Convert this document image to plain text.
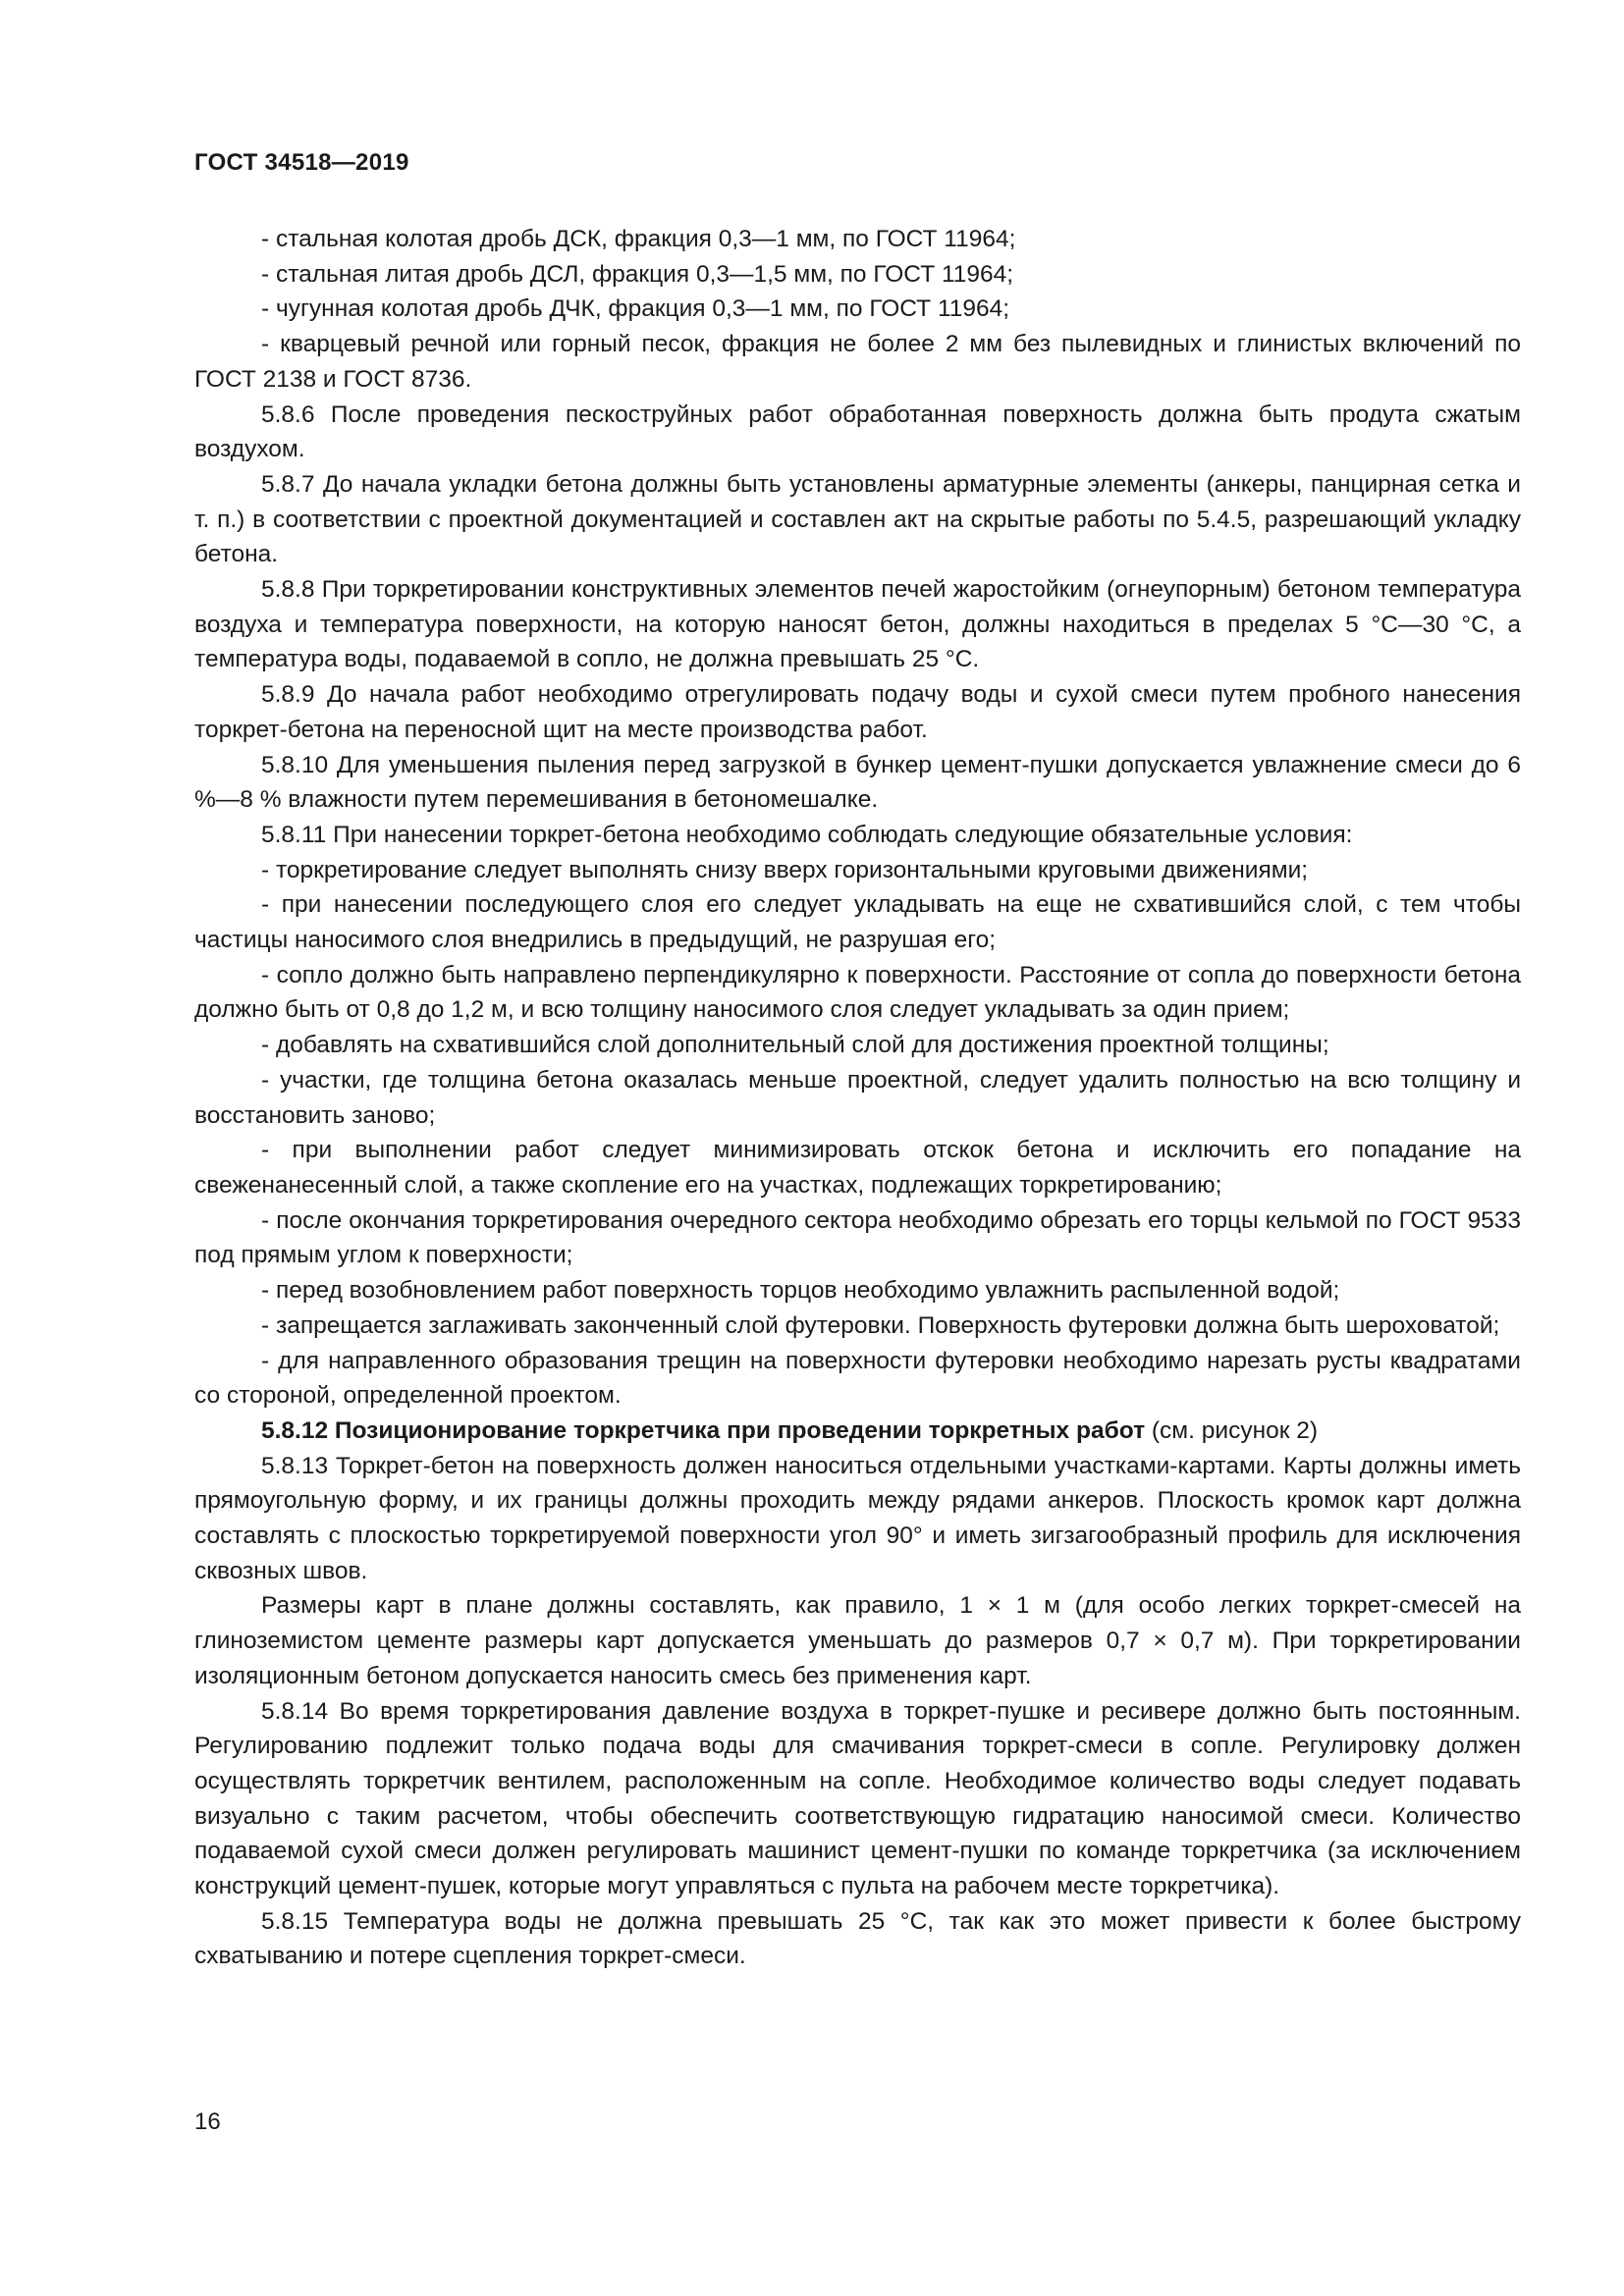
ГОСТ 34518—2019

- стальная колотая дробь ДСК, фракция 0,3—1 мм, по ГОСТ 11964;

- стальная литая дробь ДСЛ, фракция 0,3—1,5 мм, по ГОСТ 11964;

- чугунная колотая дробь ДЧК, фракция 0,3—1 мм, по ГОСТ 11964;

- кварцевый речной или горный песок, фракция не более 2 мм без пылевидных и глинистых включений по ГОСТ 2138 и ГОСТ 8736.

5.8.6 После проведения пескоструйных работ обработанная поверхность должна быть продута сжатым воздухом.

5.8.7 До начала укладки бетона должны быть установлены арматурные элементы (анкеры, панцирная сетка и т. п.) в соответствии с проектной документацией и составлен акт на скрытые работы по 5.4.5, разрешающий укладку бетона.

5.8.8 При торкретировании конструктивных элементов печей жаростойким (огнеупорным) бетоном температура воздуха и температура поверхности, на которую наносят бетон, должны находиться в пределах 5 °С—30 °С, а температура воды, подаваемой в сопло, не должна превышать 25 °С.

5.8.9 До начала работ необходимо отрегулировать подачу воды и сухой смеси путем пробного нанесения торкрет-бетона на переносной щит на месте производства работ.

5.8.10 Для уменьшения пыления перед загрузкой в бункер цемент-пушки допускается увлажнение смеси до 6 %—8 % влажности путем перемешивания в бетономешалке.

5.8.11 При нанесении торкрет-бетона необходимо соблюдать следующие обязательные условия:

- торкретирование следует выполнять снизу вверх горизонтальными круговыми движениями;

- при нанесении последующего слоя его следует укладывать на еще не схватившийся слой, с тем чтобы частицы наносимого слоя внедрились в предыдущий, не разрушая его;

- сопло должно быть направлено перпендикулярно к поверхности. Расстояние от сопла до поверхности бетона должно быть от 0,8 до 1,2 м, и всю толщину наносимого слоя следует укладывать за один прием;

- добавлять на схватившийся слой дополнительный слой для достижения проектной толщины;

- участки, где толщина бетона оказалась меньше проектной, следует удалить полностью на всю толщину и восстановить заново;

- при выполнении работ следует минимизировать отскок бетона и исключить его попадание на свеженанесенный слой, а также скопление его на участках, подлежащих торкретированию;

- после окончания торкретирования очередного сектора необходимо обрезать его торцы кельмой по ГОСТ 9533 под прямым углом к поверхности;

- перед возобновлением работ поверхность торцов необходимо увлажнить распыленной водой;

- запрещается заглаживать законченный слой футеровки. Поверхность футеровки должна быть шероховатой;

- для направленного образования трещин на поверхности футеровки необходимо нарезать русты квадратами со стороной, определенной проектом.

5.8.12 Позиционирование торкретчика при проведении торкретных работ (см. рисунок 2)

5.8.13 Торкрет-бетон на поверхность должен наноситься отдельными участками-картами. Карты должны иметь прямоугольную форму, и их границы должны проходить между рядами анкеров. Плоскость кромок карт должна составлять с плоскостью торкретируемой поверхности угол 90° и иметь зигзагообразный профиль для исключения сквозных швов.

Размеры карт в плане должны составлять, как правило, 1 × 1 м (для особо легких торкрет-смесей на глиноземистом цементе размеры карт допускается уменьшать до размеров 0,7 × 0,7 м). При торкретировании изоляционным бетоном допускается наносить смесь без применения карт.

5.8.14 Во время торкретирования давление воздуха в торкрет-пушке и ресивере должно быть постоянным. Регулированию подлежит только подача воды для смачивания торкрет-смеси в сопле. Регулировку должен осуществлять торкретчик вентилем, расположенным на сопле. Необходимое количество воды следует подавать визуально с таким расчетом, чтобы обеспечить соответствующую гидратацию наносимой смеси. Количество подаваемой сухой смеси должен регулировать машинист цемент-пушки по команде торкретчика (за исключением конструкций цемент-пушек, которые могут управляться с пульта на рабочем месте торкретчика).

5.8.15 Температура воды не должна превышать 25 °С, так как это может привести к более быстрому схватыванию и потере сцепления торкрет-смеси.

16
